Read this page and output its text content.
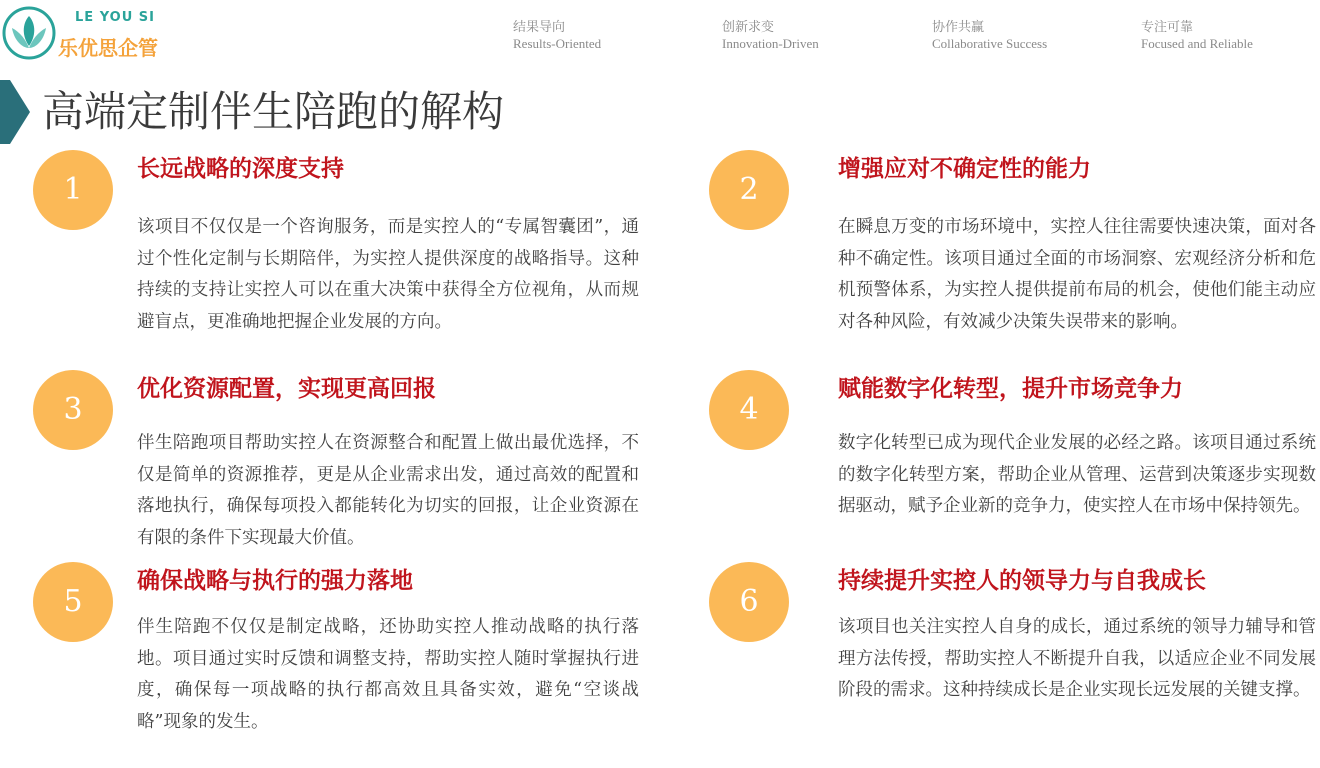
LE YOU SI
乐优思企管
结果导向
Results-Oriented
创新求变
Innovation-Driven
协作共赢
Collaborative Success
专注可靠
Focused and Reliable
高端定制伴生陪跑的解构
1
长远战略的深度支持
该项目不仅仅是一个咨询服务，而是实控人的“专属智囊团”，通过个性化定制与长期陪伴，为实控人提供深度的战略指导。这种持续的支持让实控人可以在重大决策中获得全方位视角，从而规避盲点，更准确地把握企业发展的方向。
2
增强应对不确定性的能力
在瞬息万变的市场环境中，实控人往往需要快速决策，面对各种不确定性。该项目通过全面的市场洞察、宏观经济分析和危机预警体系，为实控人提供提前布局的机会，使他们能主动应对各种风险，有效减少决策失误带来的影响。
3
优化资源配置，实现更高回报
伴生陪跑项目帮助实控人在资源整合和配置上做出最优选择，不仅是简单的资源推荐，更是从企业需求出发，通过高效的配置和落地执行，确保每项投入都能转化为切实的回报，让企业资源在有限的条件下实现最大价值。
4
赋能数字化转型，提升市场竞争力
数字化转型已成为现代企业发展的必经之路。该项目通过系统的数字化转型方案，帮助企业从管理、运营到决策逐步实现数据驱动，赋予企业新的竞争力，使实控人在市场中保持领先。
5
确保战略与执行的强力落地
伴生陪跑不仅仅是制定战略，还协助实控人推动战略的执行落地。项目通过实时反馈和调整支持，帮助实控人随时掌握执行进度，确保每一项战略的执行都高效且具备实效，避免“空谈战略”现象的发生。
6
持续提升实控人的领导力与自我成长
该项目也关注实控人自身的成长，通过系统的领导力辅导和管理方法传授，帮助实控人不断提升自我，以适应企业不同发展阶段的需求。这种持续成长是企业实现长远发展的关键支撑。
